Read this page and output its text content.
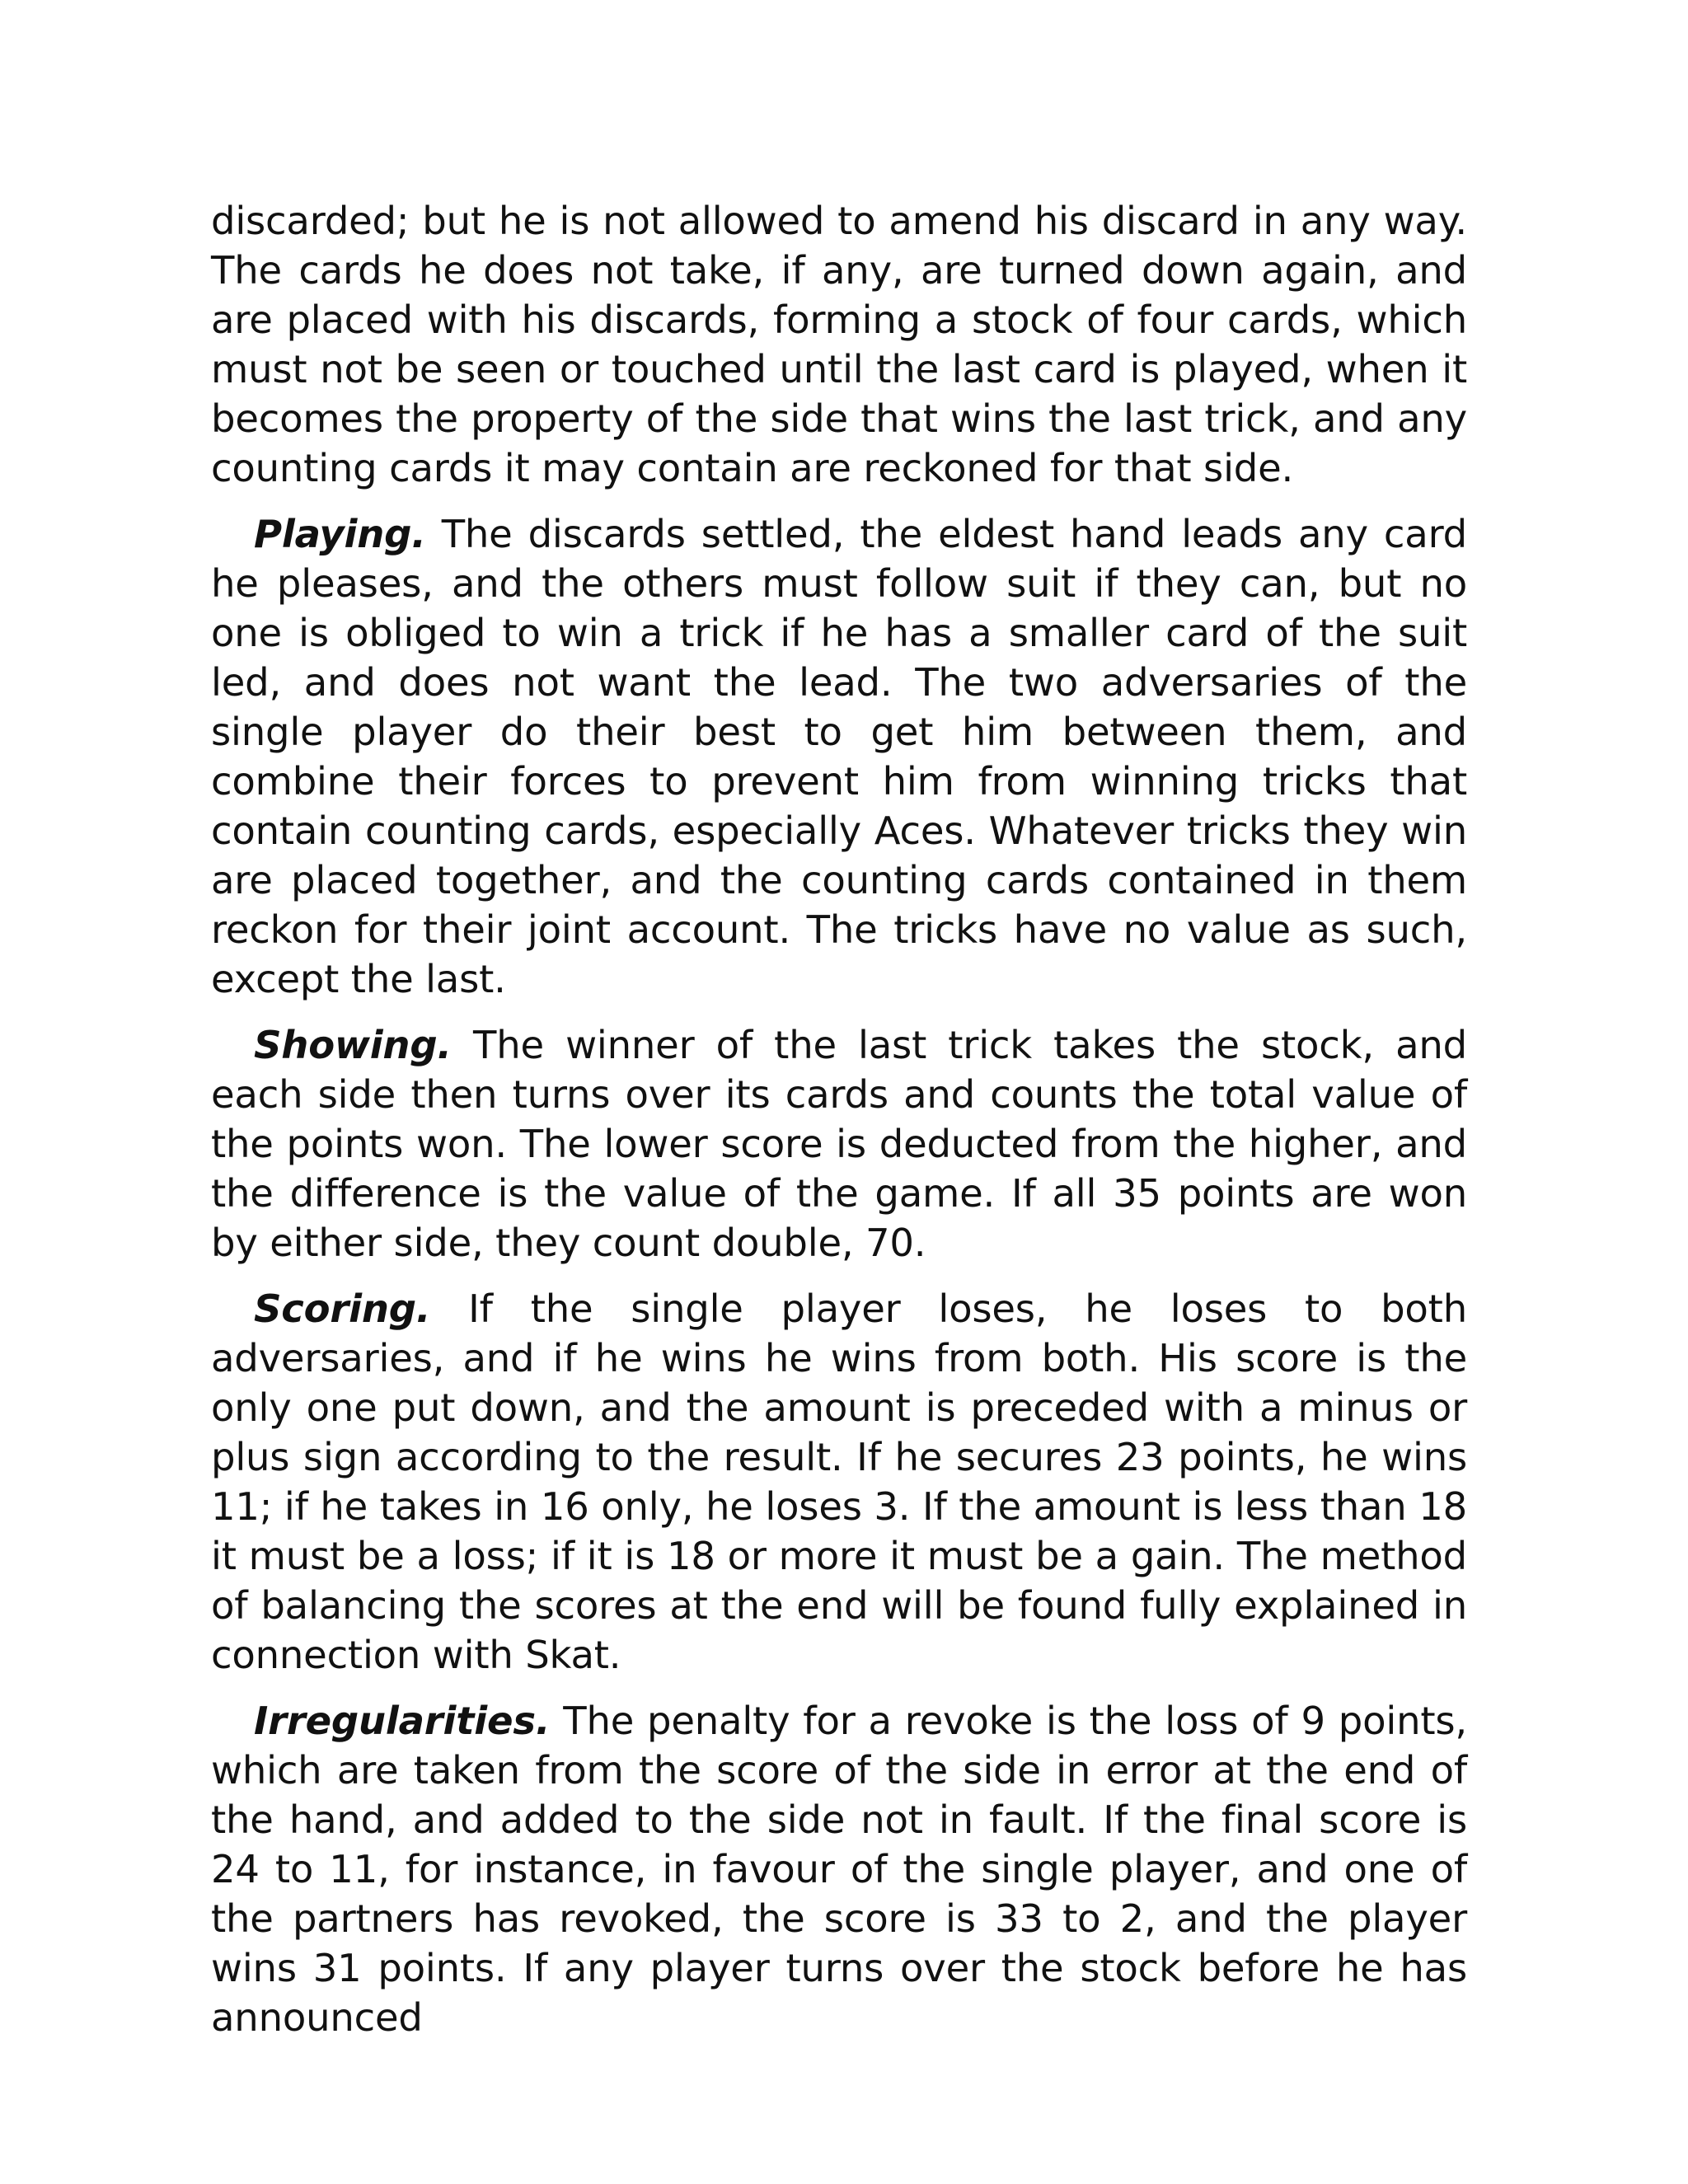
discarded; but he is not allowed to amend his discard in any way. The cards he does not take, if any, are turned down again, and are placed with his discards, forming a stock of four cards, which must not be seen or touched until the last card is played, when it becomes the property of the side that wins the last trick, and any counting cards it may contain are reckoned for that side.

Playing. The discards settled, the eldest hand leads any card he pleases, and the others must follow suit if they can, but no one is obliged to win a trick if he has a smaller card of the suit led, and does not want the lead. The two adversaries of the single player do their best to get him between them, and combine their forces to prevent him from winning tricks that contain counting cards, especially Aces. Whatever tricks they win are placed together, and the counting cards contained in them reckon for their joint account. The tricks have no value as such, except the last.

Showing. The winner of the last trick takes the stock, and each side then turns over its cards and counts the total value of the points won. The lower score is deducted from the higher, and the difference is the value of the game. If all 35 points are won by either side, they count double, 70.

Scoring. If the single player loses, he loses to both adversaries, and if he wins he wins from both. His score is the only one put down, and the amount is preceded with a minus or plus sign according to the result. If he secures 23 points, he wins 11; if he takes in 16 only, he loses 3. If the amount is less than 18 it must be a loss; if it is 18 or more it must be a gain. The method of balancing the scores at the end will be found fully explained in connection with Skat.

Irregularities. The penalty for a revoke is the loss of 9 points, which are taken from the score of the side in error at the end of the hand, and added to the side not in fault. If the final score is 24 to 11, for instance, in favour of the single player, and one of the partners has revoked, the score is 33 to 2, and the player wins 31 points. If any player turns over the stock before he has announced
